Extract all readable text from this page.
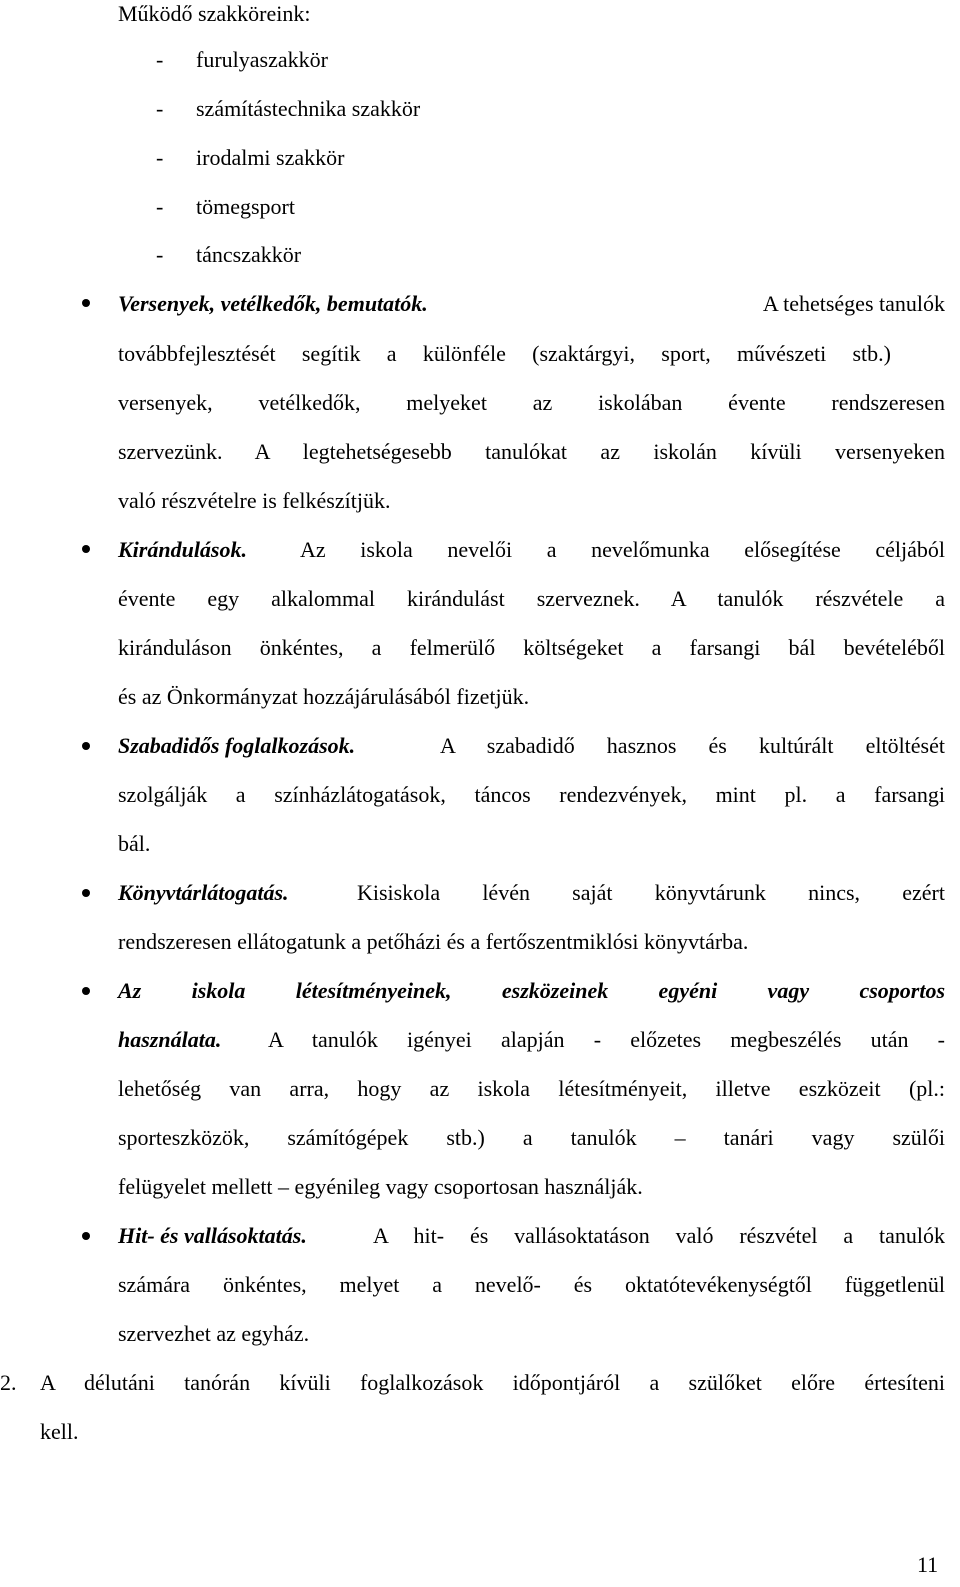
Működő szakköreink:
- furulyaszakkör
- számítástechnika szakkör
- irodalmi szakkör
- tömegsport
- táncszakkör
Versenyek, vetélkedők, bemutatók.	A tehetséges tanulók
továbbfejlesztését segítik a különféle (szaktárgyi, sport, művészeti stb.)
versenyek, vetélkedők, melyeket az iskolában évente rendszeresen
szervezünk. A legtehetségesebb tanulókat az iskolán kívüli versenyeken
való részvételre is felkészítjük.
Kirándulások. Az iskola nevelői a nevelőmunka elősegítése céljából
évente egy alkalommal kirándulást szerveznek. A tanulók részvétele a
kiránduláson önkéntes, a felmerülő költségeket a farsangi bál bevételéből
és az Önkormányzat hozzájárulásából fizetjük.
Szabadidős foglalkozások.	A szabadidő hasznos és kultúrált eltöltését
szolgálják a színházlátogatások, táncos rendezvények, mint pl. a farsangi
bál.
Könyvtárlátogatás.	Kisiskola lévén saját könyvtárunk nincs, ezért
rendszeresen ellátogatunk a petőházi és a fertőszentmiklósi könyvtárba.
Az iskola létesítményeinek, eszközeinek egyéni vagy csoportos
használata. A tanulók igényei alapján - előzetes megbeszélés után -
lehetőség van arra, hogy az iskola létesítményeit, illetve eszközeit (pl.:
sporteszközök, számítógépek stb.) a tanulók – tanári vagy szülői
felügyelet mellett – egyénileg vagy csoportosan használják.
Hit- és vallásoktatás.	A hit- és vallásoktatáson való részvétel a tanulók
számára önkéntes, melyet a nevelő- és oktatótevékenységtől függetlenül
szervezhet az egyház.
2. A délutáni tanórán kívüli foglalkozások időpontjáról a szülőket előre értesíteni
kell.
11
